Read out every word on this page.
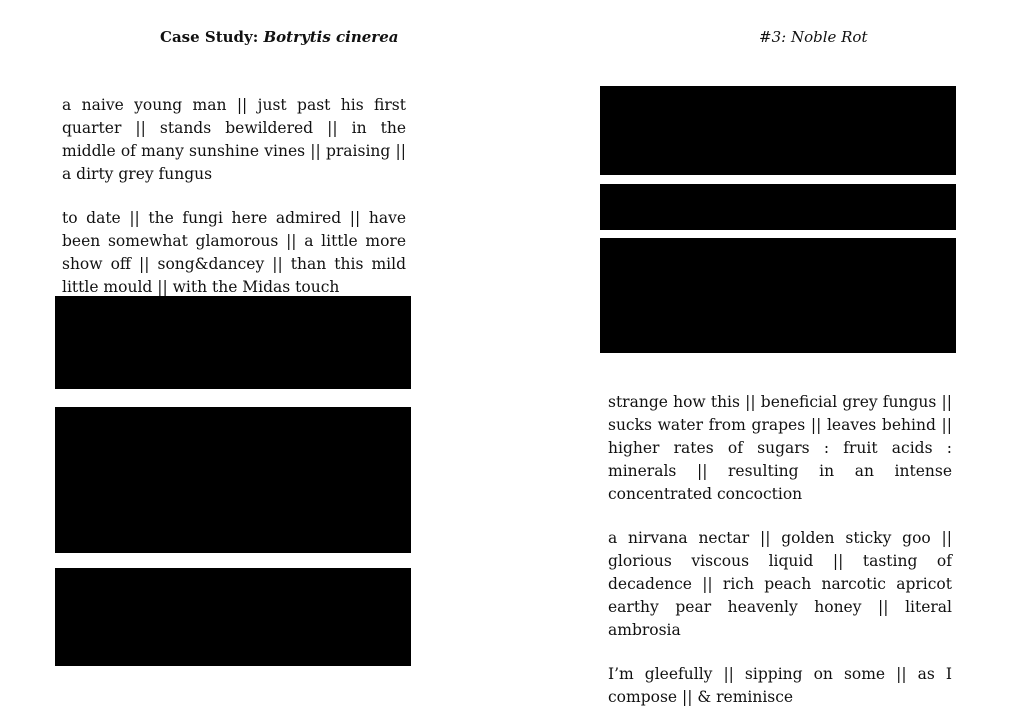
Case Study: Botrytis cinerea

a naive young man || just past his first quarter || stands bewildered || in the middle of many sunshine vines || praising || a dirty grey fungus

to date || the fungi here admired || have been somewhat glamorous || a little more show off || song&dancey || than this mild little mould || with the Midas touch

#3: Noble Rot

strange how this || beneficial grey fungus || sucks water from grapes || leaves behind || higher rates of sugars : fruit acids : minerals || resulting in an intense concentrated concoction

a nirvana nectar || golden sticky goo || glorious viscous liquid || tasting of decadence || rich peach narcotic apricot earthy pear heavenly honey || literal ambrosia

I’m gleefully || sipping on some || as I compose || & reminisce
